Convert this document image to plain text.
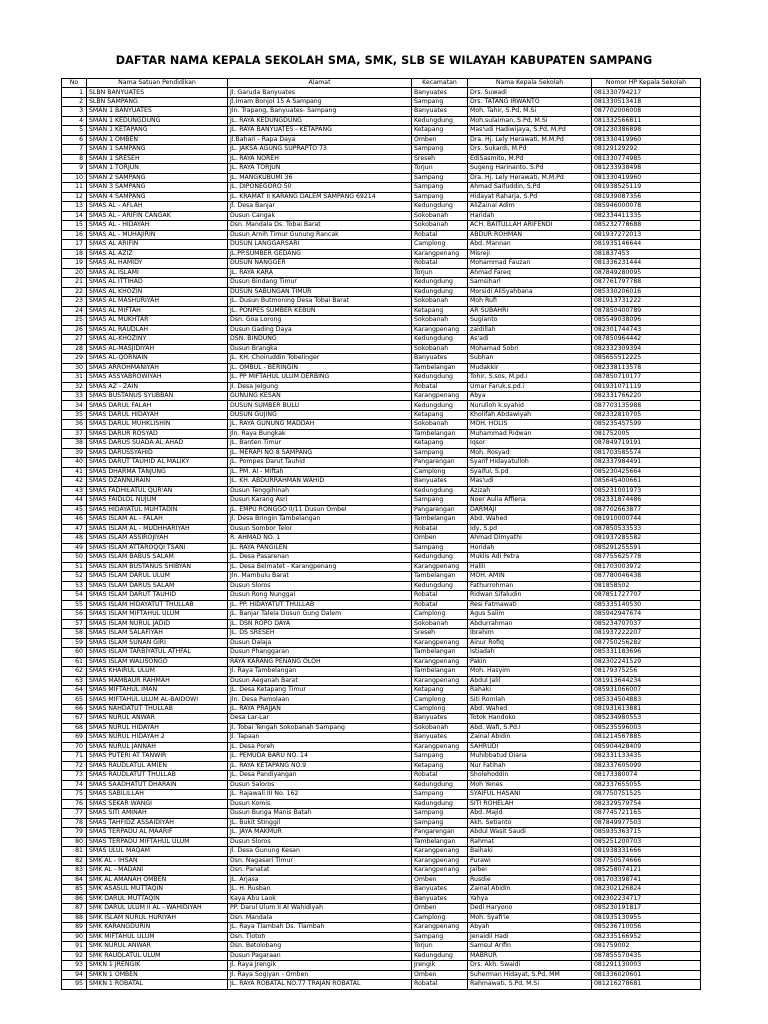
DAFTAR NAMA KEPALA SEKOLAH SMA, SMK, SLB SE WILAYAH KABUPATEN SAMPANG
No	Nama Satuan Pendidikan	Alamat	Kecamatan	Nama Kepala Sekolah	Nomor HP Kepala Sekolah
1	SLBN BANYUATES	Jl. Garuda Banyuates	Banyuates	Drs. Suwadi	081330794217
2	SLBN SAMPANG	Jl.Imam Bonjol 15 A Sampang	Sampang	Drs. TATANG IRWANTO	081330513418
3	SMAN 1 BANYUATES	Jln. Trapang, Banyuates- Sampang	Banyuates	Moh. Tahir, S.Pd, M.Si	087702006008
4	SMAN 1 KEDUNGDUNG	JL. RAYA KEDUNGDUNG	Kedungdung	Moh.sulaiman, S.Pd, M.Si	081332566811
5	SMAN 1 KETAPANG	JL. RAYA BANYUATES - KETAPANG	Ketapang	Mas'udi Hadiwijaya, S.Pd, M.Pd	081230386898
6	SMAN 1 OMBEN	Jl.Bahari - Rapa Daya	Omben	Dra. Hj. Lely Herawati, M.M.Pd	081330419960
7	SMAN 1 SAMPANG	JL. JAKSA AGUNG SUPRAPTO 73	Sampang	Drs. Sukardi, M.Pd	08129129292
8	SMAN 1 SRESEH	JL. RAYA NOREH	Sreseh	EdiSasmito, M.Pd	081330774985
9	SMAN 1 TORJUN	JL. RAYA TORJUN	Torjun	Sugeng Harinanto, S.Pd	081233938498
10	SMAN 2 SAMPANG	JL. MANGKUBUMI 36	Sampang	Dra. Hj. Lely Herawati, M.M.Pd	081330419960
11	SMAN 3 SAMPANG	JL. DIPONEGORO 50	Sampang	Ahmad Saifuddin, S.Pd	081938525119
12	SMAN 4 SAMPANG	JL. KRAMAT II KARANG DALEM SAMPANG 69214	Sampang	Hidayat Raharja, S.Pd	081939087356
13	SMAS AL - AFLAH	Jl. Desa Banjar	Kedungdung	AliZainal Adim	085946000078
14	SMAS AL - ARIFIN CANGAK	Dusun Cangak	Sokobanah	Haridah	082334411335
15	SMAS AL - HIDAYAH	Dsn. Mandala Ds. Tobai Barat	Sokobanah	ACH. BAITULLAH ARIFENDI	085232778688
16	SMAS AL - MUHAJIRIN	Dusun Arnih Timur Gunung Rancak	Robatal	ABDUR ROHMAN	081937272013
17	SMAS AL ARIFIN	DUSUN LANGGARSARI	Camplong	Abd. Mannan	081935146644
18	SMAS AL AZIZ	JL.PP.SUMBER GEDANG	Karangpenang	Misreji	081837453
19	SMAS AL HAMIDY	DUSUN NANGGER	Robatal	Mohammad Fauzan	081336231444
20	SMAS AL ISLAMI	JL. RAYA KARA	Torjun	Ahmad Fareq	087849280095
21	SMAS AL ITTIHAD	Dusun Bindang Timur	Kedungdung	Samsiharl	087761797788
22	SMAS AL KHOZIN	DUSUN SABUNGAN TIMUR	Kedungdung	Morsidi AliSyahbana	085330206016
23	SMAS AL MASHURIYAH	JL. Dusun Butmoning Desa Tobai Barat	Sokobanah	Moh Rufi	081913731222
24	SMAS AL MIFTAH	JL. PONPES SUMBER KEBUN	Ketapang	AR SUBAHRI	087850400789
25	SMAS AL MUKHTAR	Dsn. Goa Lorong	Sokobanah	Sugianto	085549038096
26	SMAS AL RAUDLAH	Dusun Gading Daya	Karangpenang	zaidillah	082301744743
27	SMAS AL-KHOZINY	DSN. BINDUNG	Kedungdung	As'adi	087850964442
28	SMAS AL-MASJIDIYAH	Dusun Brangka	Sokobanah	Mohamad Sobri	082332309394
29	SMAS AL-QORNAIN	JL. KH. Choiruddin Tobelinger	Banyuates	Subhan	085655512225
30	SMAS ARROHMANIYAH	JL. OMBUL - BERINGIN	Tambelangan	Mudakkir	082338113578
31	SMAS ASSYABROWIYAH	JL. PP MIFTAHUL ULUM DERBING	Kedungdung	Tohir, S.sos, M.pd.i	087850710177
32	SMAS AZ - ZAIN	Jl. Desa Jelgung	Robatal	Umar Faruk,s.pd.i	081931071119
33	SMAS BUSTANUS SYUBBAN	GUNUNG KESAN	Karangpenang	Abya	082331766220
34	SMAS DARUL FALAH	DUSUN SUMBER BULU	Kedungdung	Nurulloh k.syahid	087703135988
35	SMAS DARUL HIDAYAH	DUSUN GUJING	Ketapang	Kholifah Abdawiyah	082332810705
36	SMAS DARUL MUHKLISHIN	JL. RAYA GUNUNG MADDAH	Sokobanah	MOH. HOLIS	085235457599
37	SMAS DARUR ROSYAD	Jln. Raya Bungkak	Tambelangan	Muhammad Ridwan	081752005
38	SMAS DARUS SUADA AL AHAD	JL. Banten Timur	Ketapang	Iqsor	087849719191
39	SMAS DARUSSYAHID	JL. MERAPI NO 8 SAMPANG	Sampang	Moh. Rosyad	081703585574
40	SMAS DARUT TAUHID AL MALIKY	JL. Pompes Darut Tauhid	Pangarengan	Syarif Hidayatulloh	082337984491
41	SMAS DHARMA TANJUNG	JL. PM. Al - Miftah	Camplong	Syaiful, S.pd	085230425664
42	SMAS DZANNURAIN	JL. KH. ABDURRAHMAN WAHID	Banyuates	Mas'udi	085645400661
43	SMAS FADHILATUL QUR'AN	Dusun Tenggihinah	Kedungdung	Azizah	085231001973
44	SMAS FAIDLOL NUJUM	Dusun Karang Asri	Sampang	Noer Aulia Affiena	082331874486
45	SMAS HIDAYATUL MUHTADIN	JL. EMPU RONGGO II/11 Dusun Ombel	Pangarengan	DARMAJI	087702663877
46	SMAS ISLAM AL - FALAH	Jl. Desa Bringin Tambelangan	Tambelangan	Abd. Wahed	081910000744
47	SMAS ISLAM AL - MUDHHARIYAH	Dusun Sombor Telor	Robatal	Idy, S.pd	087850533533
48	SMAS ISLAM ASSIROJIYAH	R. AHMAD NO. 1	Omben	Ahmad Dimyathi	081937285582
49	SMAS ISLAM ATTAROQQI TSANI	JL. RAYA PANGILEN	Sampang	Horidah	085291255591
50	SMAS ISLAM BABUS SALAM	JL. Desa Pasarenan	Kedungdung	Muklis Adi Petra	087755625778
51	SMAS ISLAM BUSTANUS SHIBYAN	JL. Desa Belmatet - Karangpenang	Karangpenang	Halili	081703003972
52	SMAS ISLAM DARUL ULUM	Jln. Mambulu Barat	Tambelangan	MOH. AMIN	087780046438
53	SMAS ISLAM DARUS SALAM	Dusun Sloros	Kedungdung	Fathurrohman	081858502
54	SMAS ISLAM DARUT TAUHID	Dusun Rong Nunggal	Robatal	Ridwan Sifaludin	087851727707
55	SMAS ISLAM HIDAYATUT THULLAB	JL. PP. HIDAYATUT THULLAB	Robatal	Resi Fatmawati	085335140530
56	SMAS ISLAM MIFTAHUL ULUM	JL. Banjar Talela Dusun Gung Dalem	Camplong	Agus Salim	085942947674
57	SMAS ISLAM NURUL JADID	JL. DSN ROPO DAYA	Sokobanah	Abdurrahman	085234707037
58	SMAS ISLAM SALAFIYAH	JL. DS SRESEH	Sreseh	Ibrahim	081937222207
59	SMAS ISLAM SUNAN GIRI	Dusun Dalaja	Karangpenang	Ainur Rofiq	087750256282
60	SMAS ISLAM TARBIYATUL ATHFAL	Dusun Phanggaran	Tambelangan	Istiadah	085331183696
61	SMAS ISLAM WALISONGO	RAYA KARANG PENANG OLOH	Karangpenang	Pakin	082302241529
62	SMAS KHAIRUL ULUM	Jl. Raya Tambelangan	Tambelangan	Moh. Hasyim	08179375256
63	SMAS MAMBAUR RAHMAH	Dusun Aeganah Barat	Karangpenang	Abdul Jalil	081913644234
64	SMAS MIFTAHUL IMAN	JL. Desa Ketapang Timur	Ketapang	Rahaki	085931066007
65	SMAS MIFTAHUL ULUM AL-BAIDOWI	Jln. Desa Pamolaan	Camplong	Siti Romlah	085334504883
66	SMAS NAHDATUT THULLAB	JL. RAYA PRAJJAN	Camplong	Abd. Wahed	081931613881
67	SMAS NURUL ANWAR	Desa Lar-Lar	Banyuates	Totok Handoko	085234980553
68	SMAS NURUL HIDAYAH	Jl. Tobai Tengah Sokobanah Sampang	Sokobanah	Abd. Wafi, S.Pd.I	085235596003
69	SMAS NURUL HIDAYAH 2	Jl. Tapaan	Banyuates	Zainal Abidin	081214567885
70	SMAS NURUL JANNAH	JL. Desa Poreh	Karangpenang	SAHRUDI	085904428409
71	SMAS PUTERI AT TANWIR	JL. PEMUDA BARU NO. 14	Sampang	Muhibbatud Diana	082331133435
72	SMAS RAUDLATUL AMIEN	JL. RAYA KETAPANG NO.9	Ketapang	Nur Fatihah	082337605099
73	SMAS RAUDLATUT THULLAB	JL. Desa Pandiyangan	Robatal	Sholehoddin	08173380074
74	SMAS SAADHATUT DHARAIN	Dusun Saloros	Kedungdung	Moh Yenes	082337655055
75	SMAS SABILILLAH	JL. Rajawali III No. 162	Sampang	SYAIFUL HASANI	087750751525
76	SMAS SEKAR WANGI	Dusun Komis	Kedungdung	SITI ROHELAH	082329579754
77	SMAS SITI AMINAH	Dusun Bunga Manis Batah	Sampang	Abd. Majid	087745721165
78	SMAS TAHFIDZ ASSAIDIYAH	JL. Bukit Stinggil	Sampang	Akh. Setianto	087849977503
79	SMAS TERPADU AL MAARIF	JL. JAYA MAKMUR	Pangarengan	Abdul Wasit Saudi	085935363715
80	SMAS TERPADU MIFTAHUL ULUM	Dusun Sloros	Tambelangan	Rahmat	085251200703
81	SMAS ULUL MAQAM	Jl. Desa Gunung Kesan	Karangpenang	Baihaki	081938331666
82	SMK AL - IHSAN	Dsn. Nagasari Timur	Karangpenang	Purawi	087750574666
83	SMK AL - MADANI	Dsn. Panatat	Karangpenang	Jaibei	085258074121
84	SMK AL AMANAH OMBEN	JL. Arjasa	Omben	Rusdie	081703398741
85	SMK ASASUL MUTTAQIN	JL. H. Rusban	Banyuates	Zainal Abidin	082302126824
86	SMK DARUL MUTTAQIN	Kaya Abu Laok	Banyuates	Yahya	082302234717
87	SMK DARUL ULUM II AL - WAHIDIYAH	PP. Darul Ulum II Al Wahidiyah	Omben	Dedi Haryono	085230191817
88	SMK ISLAM NURUL HURIYAH	Dsn. Mandala	Camplong	Moh. Syafi'ie	081935130955
89	SMK KARANGDURIN	JL. Raya Tlambah Ds. Tlambah	Karangpenang	Abyah	085236710056
90	SMK MIFTAHUL ULUM	Dsn. Tlotoh	Sampang	Jenaidil Hadi	082335166952
91	SMK NURUL ANWAR	Dsn. Betolobang	Torjun	Samsul Arifin	081759002
92	SMK RAUDLATUL ULUM	Dusun Pagaraan	Kedungdung	MABRUR	087855570435
93	SMKN 1 JRENGIK	Jl. Raya Jrengik	Jrengik	Drs. Akh. Swaidi	081291130003
94	SMKN 1 OMBEN	Jl. Raya Sogiyan - Omben	Omben	Suherman Hidayat, S.Pd, MM	081336020601
95	SMKN 1 ROBATAL	JL. RAYA ROBATAL NO.77 TRAJAN ROBATAL	Robatal	Rahmawati, S.Pd, M.Si	081216278681
